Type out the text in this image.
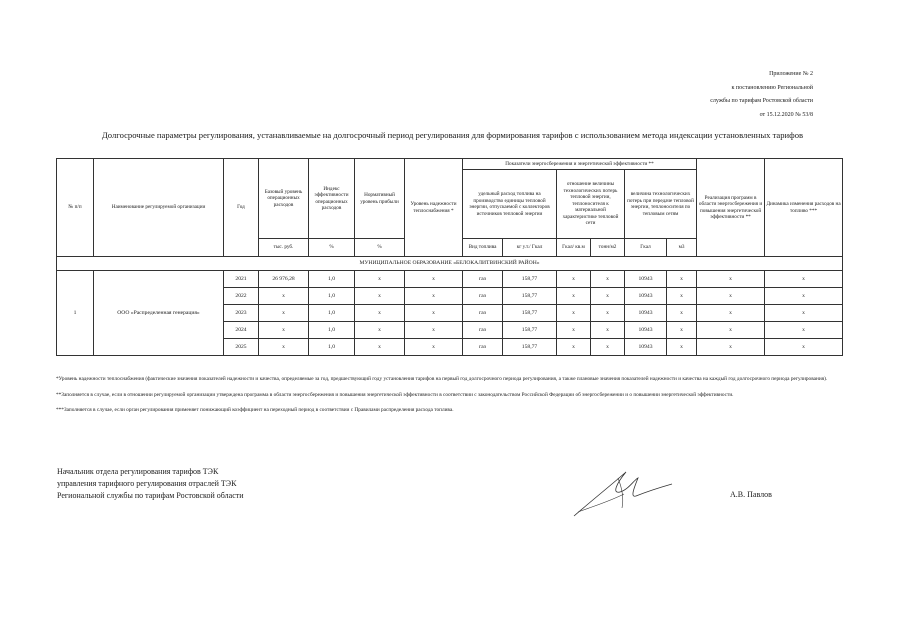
Приложение № 2
к постановлению Региональной
службы по тарифам Ростовской области
от 15.12.2020 № 53/8
Долгосрочные параметры регулирования, устанавливаемые на долгосрочный период регулирования для формирования тарифов с использованием метода индексации установленных тарифов
№ п/п	Наименование регулируемой организации	Год	Базовый уровень операционных расходов	Индекс эффективности операционных расходов	Нормативный уровень прибыли	Уровень надежности теплоснабжения *	Показатели энергосбережения и энергетической эффективности **						Реализация программ в области энергосбережения и повышения энергетической эффективности **	Динамика изменения расходов на топливо ***
							удельный расход топлива на производство единицы тепловой энергии, отпускаемой с коллекторов источников тепловой энергии		отношение величины технологических потерь тепловой энергии, теплоносителя к материальной характеристике тепловой сети		величина технологических потерь при передаче тепловой энергии, теплоносителя по тепловым сетям			
			тыс. руб.	%	%		Вид топлива	кг у.т./ Гкал	Гкал/ кв.м	тонн/м2	Гкал	м3		
МУНИЦИПАЛЬНОЕ ОБРАЗОВАНИЕ «БЕЛОКАЛИТВИНСКИЙ РАЙОН»														
1	ООО «Распределенная генерация»	2021	26 976,28	1,0	х	х	газ	158,77	х	х	10943	х	х	х
		2022	х	1,0	х	х	газ	158,77	х	х	10943	х	х	х
		2023	х	1,0	х	х	газ	158,77	х	х	10943	х	х	х
		2024	х	1,0	х	х	газ	158,77	х	х	10943	х	х	х
		2025	х	1,0	х	х	газ	158,77	х	х	10943	х	х	х

*Уровень надежности теплоснабжения (фактические значения показателей надежности и качества, определяемые за год, предшествующий году установления тарифов на первый год долгосрочного периода регулирования, а также плановые значения показателей надежности и качества на каждый год долгосрочного периода регулирования).

**Заполняется в случае, если в отношении регулируемой организации утверждена программа в области энергосбережения и повышения энергетической эффективности в соответствии с законодательством Российской Федерации об энергосбережении и о повышении энергетической эффективности.

***Заполняется в случае, если орган регулирования применяет понижающий коэффициент на переходный период в соответствии с Правилами распределения расхода топлива.

Начальник отдела регулирования тарифов ТЭК
управления тарифного регулирования отраслей ТЭК
Региональной службы по тарифам Ростовской области	А.В. Павлов
